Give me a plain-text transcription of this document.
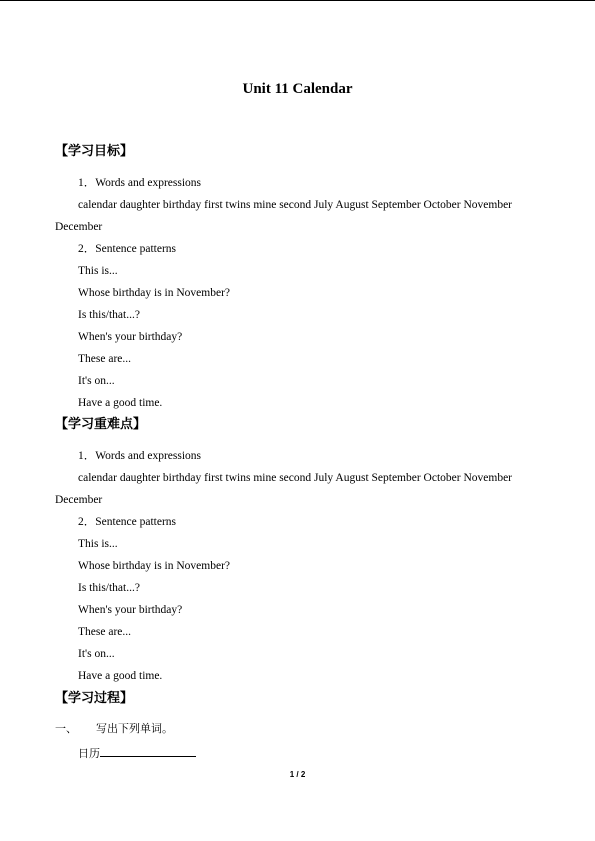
Unit 11 Calendar
【学习目标】
1．Words and expressions
calendar daughter birthday first twins mine second July August September October November
December
2．Sentence patterns
This is...
Whose birthday is in November?
Is this/that...?
When's your birthday?
These are...
It's on...
Have a good time.
【学习重难点】
1．Words and expressions
calendar daughter birthday first twins mine second July August September October November
December
2．Sentence patterns
This is...
Whose birthday is in November?
Is this/that...?
When's your birthday?
These are...
It's on...
Have a good time.
【学习过程】
一、 写出下列单词。
日历
1 / 2
